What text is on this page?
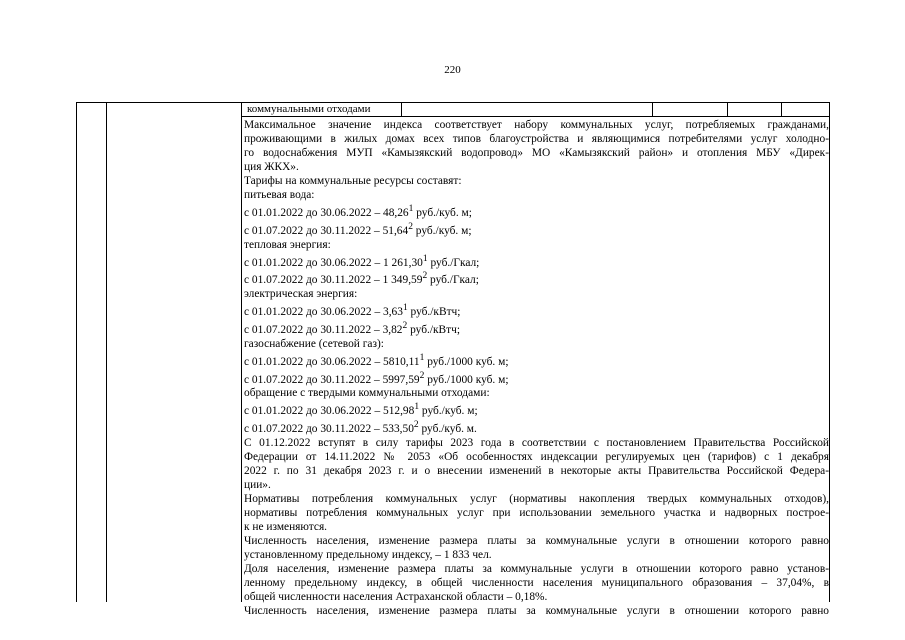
220
коммунальными отходами

Максимальное значение индекса соответствует набору коммунальных услуг, потребляемых гражданами,

проживающими в жилых домах всех типов благоустройства и являющимися потребителями услуг холодно-

го водоснабжения МУП «Камызякский водопровод» МО «Камызякский район» и отопления МБУ «Дирек-

ция ЖКХ».

Тарифы на коммунальные ресурсы составят:

питьевая вода:

с 01.01.2022 до 30.06.2022 – 48,26$^1$ руб./куб. м;

с 01.07.2022 до 30.11.2022 – 51,64$^2$ руб./куб. м;

тепловая энергия:

с 01.01.2022 до 30.06.2022 – 1 261,30$^1$ руб./Гкал;

с 01.07.2022 до 30.11.2022 – 1 349,59$^2$ руб./Гкал;

электрическая энергия:

с 01.01.2022 до 30.06.2022 – 3,63$^1$ руб./кВтч;

с 01.07.2022 до 30.11.2022 – 3,82$^2$ руб./кВтч;

газоснабжение (сетевой газ):

с 01.01.2022 до 30.06.2022 – 5810,11$^1$ руб./1000 куб. м;

с 01.07.2022 до 30.11.2022 – 5997,59$^2$ руб./1000 куб. м;

обращение с твердыми коммунальными отходами:

с 01.01.2022 до 30.06.2022 – 512,98$^1$ руб./куб. м;

с 01.07.2022 до 30.11.2022 – 533,50$^2$ руб./куб. м.

С 01.12.2022 вступят в силу тарифы 2023 года в соответствии с постановлением Правительства Российской

Федерации от 14.11.2022 № 2053 «Об особенностях индексации регулируемых цен (тарифов) с 1 декабря

2022 г. по 31 декабря 2023 г. и о внесении изменений в некоторые акты Правительства Российской Федера-

ции».

Нормативы потребления коммунальных услуг (нормативы накопления твердых коммунальных отходов),

нормативы потребления коммунальных услуг при использовании земельного участка и надворных построе-

к не изменяются.

Численность населения, изменение размера платы за коммунальные услуги в отношении которого равно

установленному предельному индексу, – 1 833 чел.

Доля населения, изменение размера платы за коммунальные услуги в отношении которого равно установ-

ленному предельному индексу, в общей численности населения муниципального образования – 37,04%, в

общей численности населения Астраханской области – 0,18%.

Численность населения, изменение размера платы за коммунальные услуги в отношении которого равно
